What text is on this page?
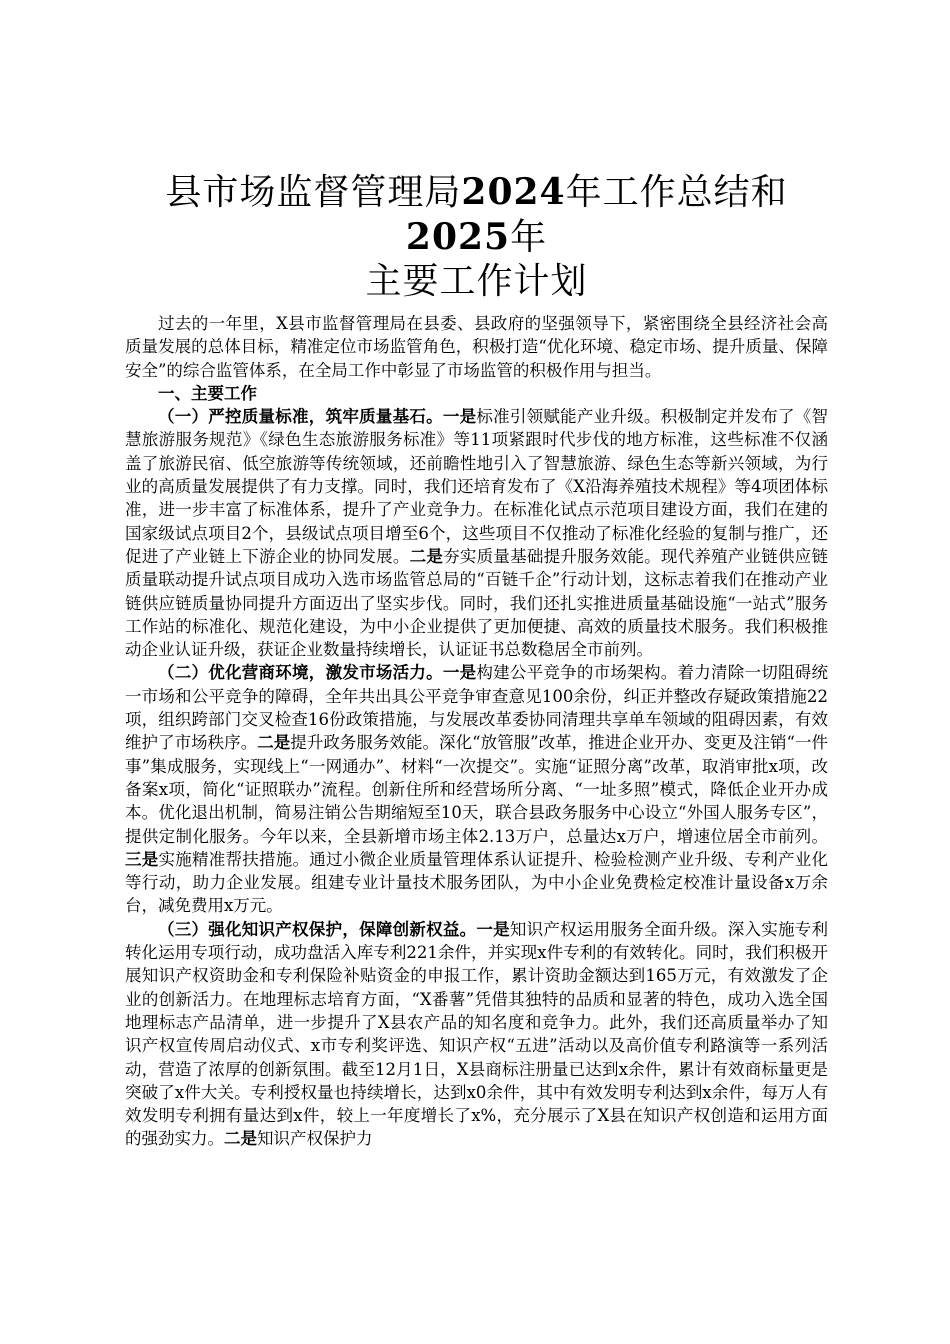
县市场监督管理局2024年工作总结和2025年
主要工作计划

过去的一年里，X县市监督管理局在县委、县政府的坚强领导下，紧密围绕全县经济社会高质量发展的总体目标，精准定位市场监管角色，积极打造“优化环境、稳定市场、提升质量、保障安全”的综合监管体系，在全局工作中彰显了市场监管的积极作用与担当。

一、主要工作

（一）严控质量标准，筑牢质量基石。一是标准引领赋能产业升级。积极制定并发布了《智慧旅游服务规范》《绿色生态旅游服务标准》等11项紧跟时代步伐的地方标准，这些标准不仅涵盖了旅游民宿、低空旅游等传统领域，还前瞻性地引入了智慧旅游、绿色生态等新兴领域，为行业的高质量发展提供了有力支撑。同时，我们还培育发布了《X沿海养殖技术规程》等4项团体标准，进一步丰富了标准体系，提升了产业竞争力。在标准化试点示范项目建设方面，我们在建的国家级试点项目2个，县级试点项目增至6个，这些项目不仅推动了标准化经验的复制与推广，还促进了产业链上下游企业的协同发展。二是夯实质量基础提升服务效能。现代养殖产业链供应链质量联动提升试点项目成功入选市场监管总局的“百链千企”行动计划，这标志着我们在推动产业链供应链质量协同提升方面迈出了坚实步伐。同时，我们还扎实推进质量基础设施“一站式”服务工作站的标准化、规范化建设，为中小企业提供了更加便捷、高效的质量技术服务。我们积极推动企业认证升级，获证企业数量持续增长，认证证书总数稳居全市前列。

（二）优化营商环境，激发市场活力。一是构建公平竞争的市场架构。着力清除一切阻碍统一市场和公平竞争的障碍，全年共出具公平竞争审查意见100余份，纠正并整改存疑政策措施22项，组织跨部门交叉检查16份政策措施，与发展改革委协同清理共享单车领域的阻碍因素，有效维护了市场秩序。二是提升政务服务效能。深化“放管服”改革，推进企业开办、变更及注销“一件事”集成服务，实现线上“一网通办”、材料“一次提交”。实施“证照分离”改革，取消审批x项，改备案x项，简化“证照联办”流程。创新住所和经营场所分离、“一址多照”模式，降低企业开办成本。优化退出机制，简易注销公告期缩短至10天，联合县政务服务中心设立“外国人服务专区”，提供定制化服务。今年以来，全县新增市场主体2.13万户，总量达x万户，增速位居全市前列。三是实施精准帮扶措施。通过小微企业质量管理体系认证提升、检验检测产业升级、专利产业化等行动，助力企业发展。组建专业计量技术服务团队，为中小企业免费检定校准计量设备x万余台，减免费用x万元。

（三）强化知识产权保护，保障创新权益。一是知识产权运用服务全面升级。深入实施专利转化运用专项行动，成功盘活入库专利221余件，并实现x件专利的有效转化。同时，我们积极开展知识产权资助金和专利保险补贴资金的申报工作，累计资助金额达到165万元，有效激发了企业的创新活力。在地理标志培育方面，“X番薯”凭借其独特的品质和显著的特色，成功入选全国地理标志产品清单，进一步提升了X县农产品的知名度和竞争力。此外，我们还高质量举办了知识产权宣传周启动仪式、x市专利奖评选、知识产权“五进”活动以及高价值专利路演等一系列活动，营造了浓厚的创新氛围。截至12月1日，X县商标注册量已达到x余件，累计有效商标量更是突破了x件大关。专利授权量也持续增长，达到x0余件，其中有效发明专利达到x余件，每万人有效发明专利拥有量达到x件，较上一年度增长了x%，充分展示了X县在知识产权创造和运用方面的强劲实力。二是知识产权保护力
